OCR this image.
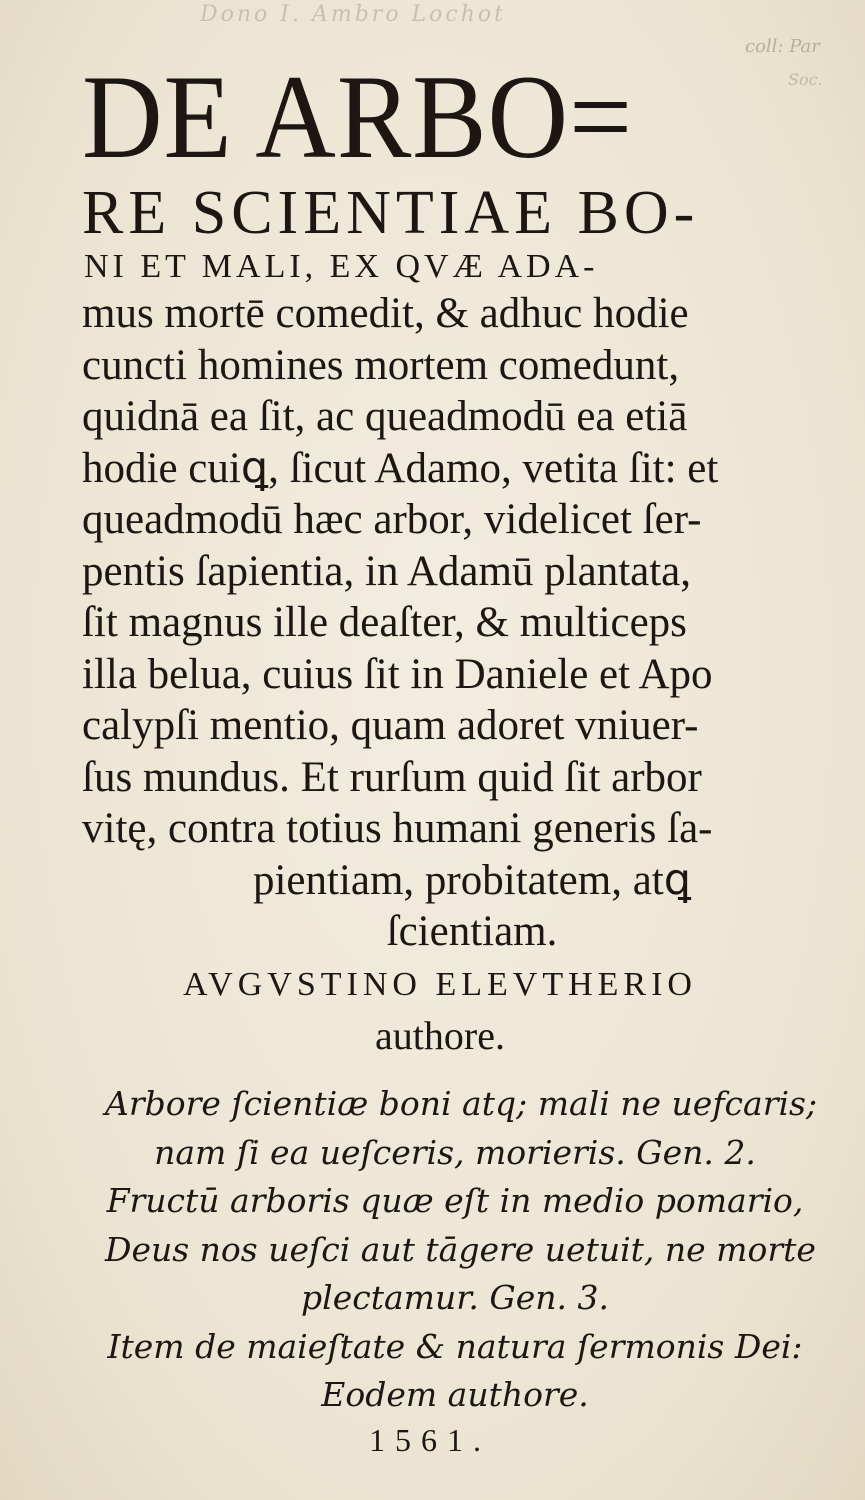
Dono I. Ambro Lochot
coll: Par
Soc.
DE ARBO=
RE SCIENTIAE BO-
NI ET MALI, EX QVÆ ADA-
mus mortē comedit, & adhuc hodie
cuncti homines mortem comedunt,
quidnā ea ſit, ac queadmodū ea etiā
hodie cuiꝗ, ſicut Adamo, vetita ſit: et
queadmodū hæc arbor, videlicet ſer-
pentis ſapientia, in Adamū plantata,
ſit magnus ille deaſter, & multiceps
illa belua, cuius ſit in Daniele et Apo
calypſi mentio, quam adoret vniuer-
ſus mundus. Et rurſum quid ſit arbor
vitę, contra totius humani generis ſa-
pientiam, probitatem, atꝗ
ſcientiam.
AVGVSTINO ELEVTHERIO
authore.
Arbore ſcientiæ boni atq; mali ne uefcaris;
nam ſi ea ueſceris, morieris. Gen. 2.
Fructū arboris quæ eſt in medio pomario,
Deus nos ueſci aut tāgere uetuit, ne morte
plectamur. Gen. 3.
Item de maieſtate & natura ſermonis Dei:
Eodem authore.
1561.
